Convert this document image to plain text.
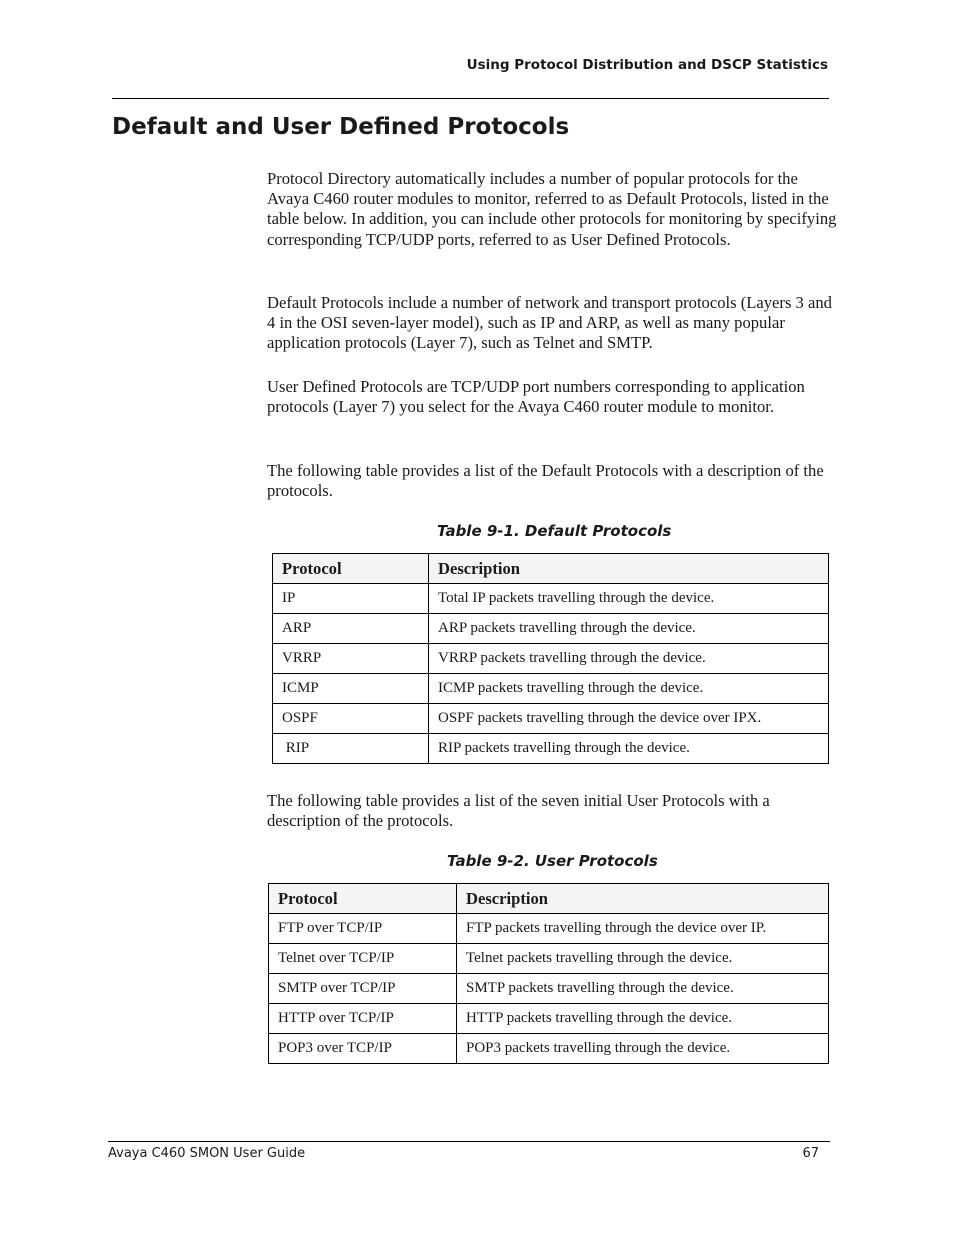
Using Protocol Distribution and DSCP Statistics
Default and User Defined Protocols

Protocol Directory automatically includes a number of popular protocols for the Avaya C460 router modules to monitor, referred to as Default Protocols, listed in the table below. In addition, you can include other protocols for monitoring by specifying corresponding TCP/UDP ports, referred to as User Defined Protocols.

Default Protocols include a number of network and transport protocols (Layers 3 and 4 in the OSI seven-layer model), such as IP and ARP, as well as many popular application protocols (Layer 7), such as Telnet and SMTP.

User Defined Protocols are TCP/UDP port numbers corresponding to application protocols (Layer 7) you select for the Avaya C460 router module to monitor.

The following table provides a list of the Default Protocols with a description of the protocols.

Table 9-1. Default Protocols
Protocol	Description
IP	Total IP packets travelling through the device.
ARP	ARP packets travelling through the device.
VRRP	VRRP packets travelling through the device.
ICMP	ICMP packets travelling through the device.
OSPF	OSPF packets travelling through the device over IPX.
RIP	RIP packets travelling through the device.

The following table provides a list of the seven initial User Protocols with a description of the protocols.

Table 9-2. User Protocols
Protocol	Description
FTP over TCP/IP	FTP packets travelling through the device over IP.
Telnet over TCP/IP	Telnet packets travelling through the device.
SMTP over TCP/IP	SMTP packets travelling through the device.
HTTP over TCP/IP	HTTP packets travelling through the device.
POP3 over TCP/IP	POP3 packets travelling through the device.
Avaya C460 SMON User Guide	67
